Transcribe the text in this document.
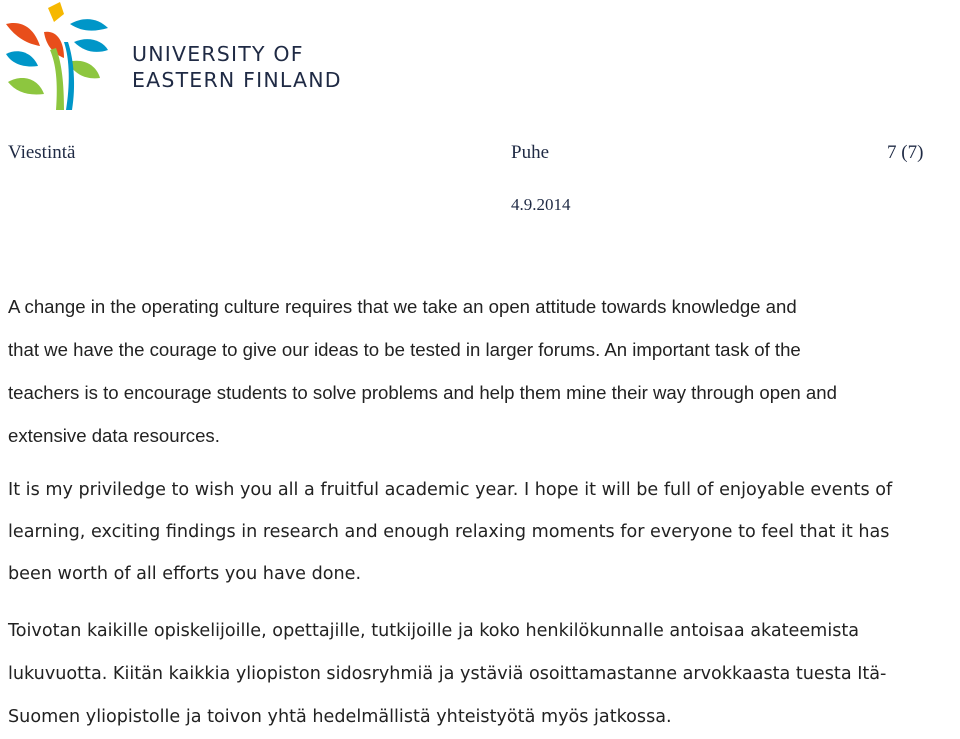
UNIVERSITY OF
EASTERN FINLAND
Viestintä	Puhe	7 (7)
4.9.2014

A change in the operating culture requires that we take an open attitude towards knowledge and
that we have the courage to give our ideas to be tested in larger forums. An important task of the
teachers is to encourage students to solve problems and help them mine their way through open and
extensive data resources.

It is my priviledge to wish you all a fruitful academic year. I hope it will be full of enjoyable events of
learning, exciting findings in research and enough relaxing moments for everyone to feel that it has
been worth of all efforts you have done.

Toivotan kaikille opiskelijoille, opettajille, tutkijoille ja koko henkilökunnalle antoisaa akateemista
lukuvuotta. Kiitän kaikkia yliopiston sidosryhmiä ja ystäviä osoittamastanne arvokkaasta tuesta Itä-
Suomen yliopistolle ja toivon yhtä hedelmällistä yhteistyötä myös jatkossa.
